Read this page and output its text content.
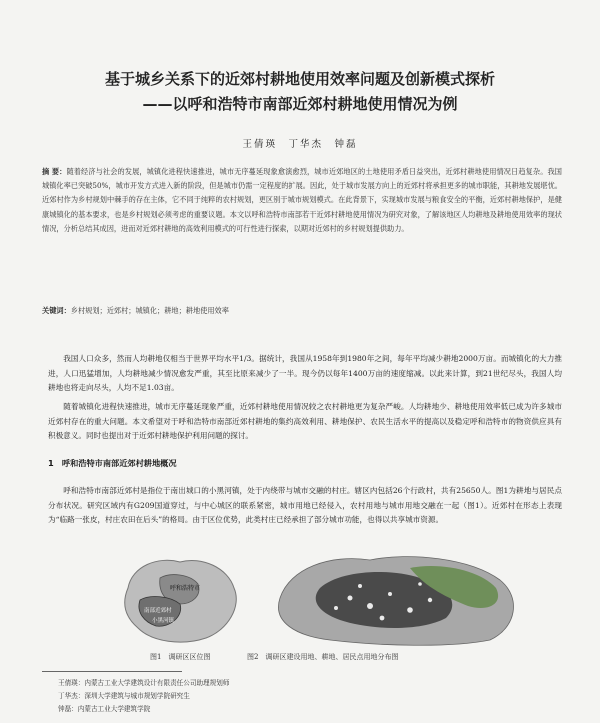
基于城乡关系下的近郊村耕地使用效率问题及创新模式探析
——以呼和浩特市南部近郊村耕地使用情况为例
王倩瑛　丁华杰　钟磊
摘 要：随着经济与社会的发展，城镇化进程快速推进，城市无序蔓延现象愈演愈烈，城市近郊地区的土地使用矛盾日益突出，近郊村耕地使用情况日趋复杂。我国城镇化率已突破50%，城市开发方式进入新的阶段，但是城市仍需一定程度的扩展。因此，处于城市发展方向上的近郊村将承担更多的城市职能，其耕地发展堪忧。近郊村作为乡村规划中棘手的存在主体，它不同于纯粹的农村规划，更区别于城市规划模式。在此背景下，实现城市发展与粮食安全的平衡，近郊村耕地保护，是健康城镇化的基本要求，也是乡村规划必须考虑的重要议题。本文以呼和浩特市南部若干近郊村耕地使用情况为研究对象，了解该地区人均耕地及耕地使用效率的现状情况，分析总结其成因，进而对近郊村耕地的高效利用模式的可行性进行探索，以期对近郊村的乡村规划提供助力。
关键词：乡村规划；近郊村；城镇化；耕地；耕地使用效率
我国人口众多，然而人均耕地仅相当于世界平均水平1/3。据统计，我国从1958年到1980年之间，每年平均减少耕地2000万亩。而城镇化的大力推进，人口迅猛增加，人均耕地减少情况愈发严重，其至比原来减少了一半。现今仍以每年1400万亩的速度缩减。以此来计算，到21世纪尽头，我国人均耕地也将走向尽头，人均不足1.03亩。
随着城镇化进程快速推进，城市无序蔓延现象严重，近郊村耕地使用情况较之农村耕地更为复杂严峻。人均耕地少、耕地使用效率低已成为许多城市近郊村存在的重大问题。本文希望对于呼和浩特市南部近郊村耕地的集约高效利用、耕地保护、农民生活水平的提高以及稳定呼和浩特市的物资供应具有积极意义。同时也提出对于近郊村耕地保护利用问题的探讨。
1　呼和浩特市南部近郊村耕地概况
呼和浩特市南部近郊村是指位于南出城口的小黑河镇，处于内绕带与城市交融的村庄。辖区内包括26个行政村，共有25650人。图1为耕地与居民点分布状况。研究区域内有G209国道穿过，与中心城区的联系紧密，城市用地已经侵入，农村用地与城市用地交融在一起（图1）。近郊村在形态上表现为“临路一张皮，村庄农田在后头”的格局。由于区位优势，此类村庄已经承担了部分城市功能，也得以共享城市资源。
呼和浩特市
南部近郊村
小黑河镇
图1　调研区区位图	图2　调研区建设用地、耕地、居民点用地分布图
王倩瑛：内蒙古工业大学建筑设计有限责任公司助理规划师
丁华杰：深圳大学建筑与城市规划学院研究生
钟磊：内蒙古工业大学建筑学院
